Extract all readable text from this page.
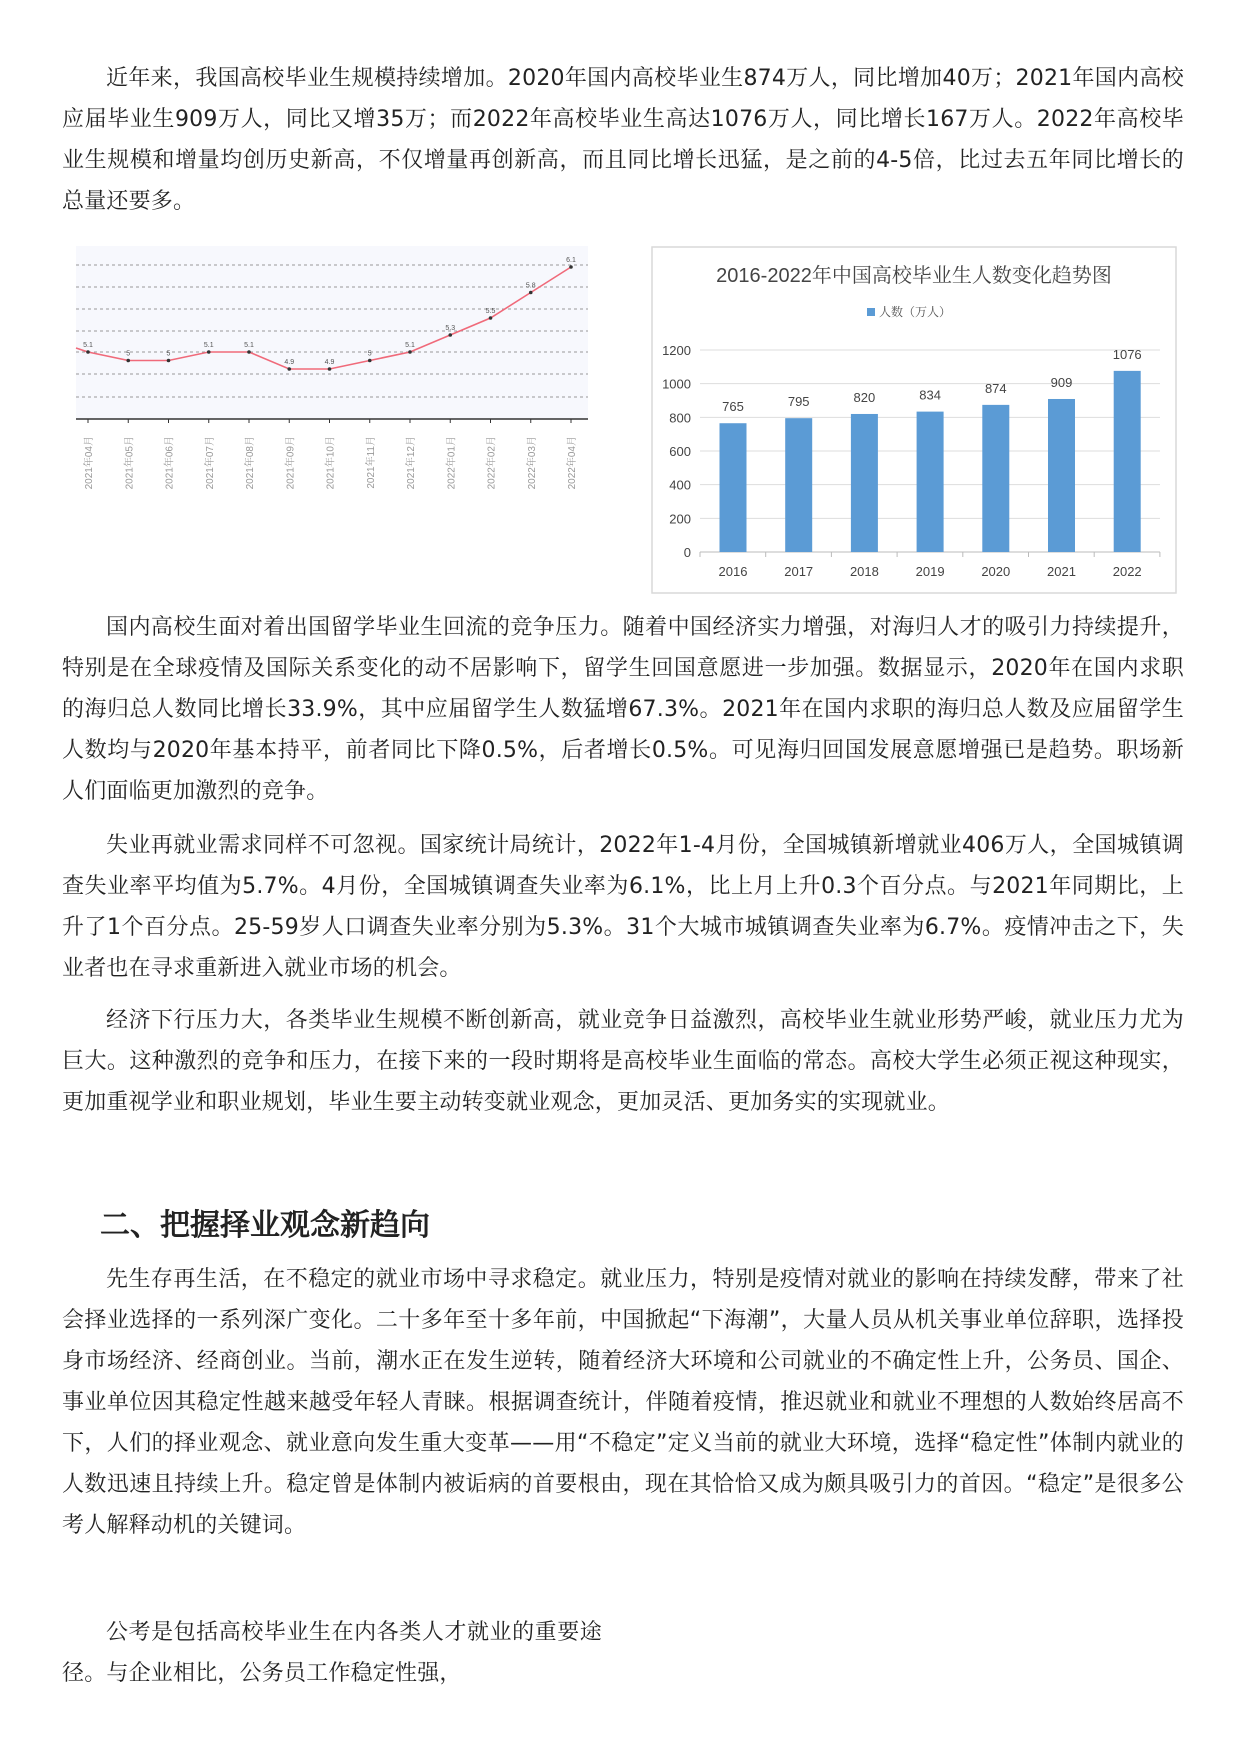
近年来，我国高校毕业生规模持续增加。2020年国内高校毕业生874万人，同比增加40万；2021年国内高校应届毕业生909万人，同比又增35万；而2022年高校毕业生高达1076万人，同比增长167万人。2022年高校毕业生规模和增量均创历史新高，不仅增量再创新高，而且同比增长迅猛，是之前的4-5倍，比过去五年同比增长的总量还要多。

5.1
2021年04月
5
2021年05月
5
2021年06月
5.1
2021年07月
5.1
2021年08月
4.9
2021年09月
4.9
2021年10月
5
2021年11月
5.1
2021年12月
5.3
2022年01月
5.5
2022年02月
5.8
2022年03月
6.1
2022年04月
2016-2022年中国高校毕业生人数变化趋势图
人数（万人）
0
200
400
600
800
1000
1200
765
2016
795
2017
820
2018
834
2019
874
2020
909
2021
1076
2022

国内高校生面对着出国留学毕业生回流的竞争压力。随着中国经济实力增强，对海归人才的吸引力持续提升，特别是在全球疫情及国际关系变化的动不居影响下，留学生回国意愿进一步加强。数据显示，2020年在国内求职的海归总人数同比增长33.9%，其中应届留学生人数猛增67.3%。2021年在国内求职的海归总人数及应届留学生人数均与2020年基本持平，前者同比下降0.5%，后者增长0.5%。可见海归回国发展意愿增强已是趋势。职场新人们面临更加激烈的竞争。

失业再就业需求同样不可忽视。国家统计局统计，2022年1-4月份，全国城镇新增就业406万人，全国城镇调查失业率平均值为5.7%。4月份，全国城镇调查失业率为6.1%，比上月上升0.3个百分点。与2021年同期比，上升了1个百分点。25-59岁人口调查失业率分别为5.3%。31个大城市城镇调查失业率为6.7%。疫情冲击之下，失业者也在寻求重新进入就业市场的机会。

经济下行压力大，各类毕业生规模不断创新高，就业竞争日益激烈，高校毕业生就业形势严峻，就业压力尤为巨大。这种激烈的竞争和压力，在接下来的一段时期将是高校毕业生面临的常态。高校大学生必须正视这种现实，更加重视学业和职业规划，毕业生要主动转变就业观念，更加灵活、更加务实的实现就业。

二、把握择业观念新趋向

先生存再生活，在不稳定的就业市场中寻求稳定。就业压力，特别是疫情对就业的影响在持续发酵，带来了社会择业选择的一系列深广变化。二十多年至十多年前，中国掀起“下海潮”，大量人员从机关事业单位辞职，选择投身市场经济、经商创业。当前，潮水正在发生逆转，随着经济大环境和公司就业的不确定性上升，公务员、国企、事业单位因其稳定性越来越受年轻人青睐。根据调查统计，伴随着疫情，推迟就业和就业不理想的人数始终居高不下，人们的择业观念、就业意向发生重大变革——用“不稳定”定义当前的就业大环境，选择“稳定性”体制内就业的人数迅速且持续上升。稳定曾是体制内被诟病的首要根由，现在其恰恰又成为颇具吸引力的首因。“稳定”是很多公考人解释动机的关键词。

公考是包括高校毕业生在内各类人才就业的重要途径。与企业相比，公务员工作稳定性强，
